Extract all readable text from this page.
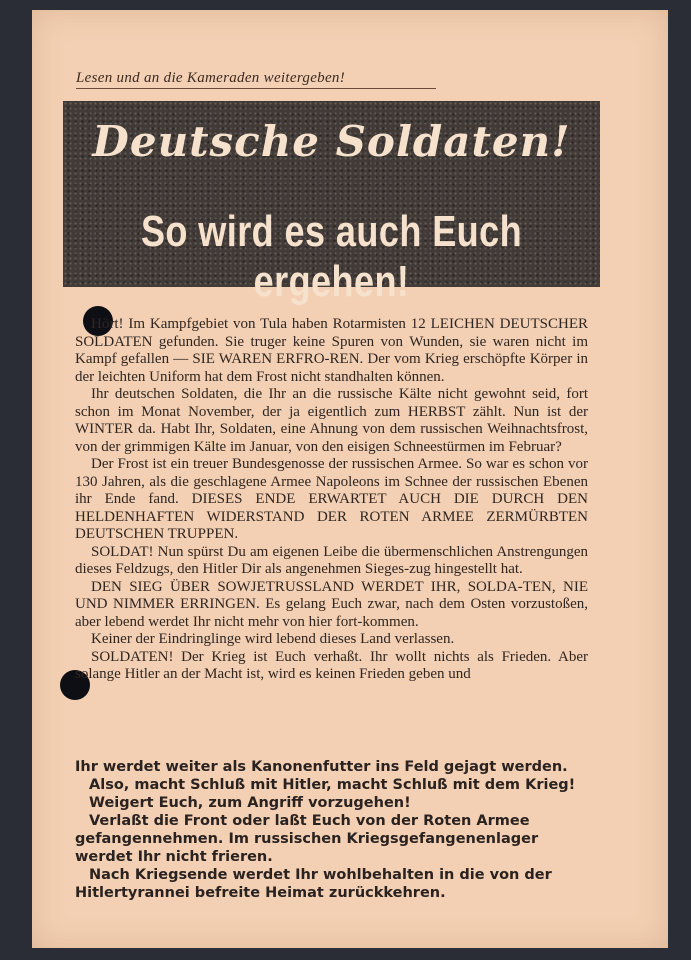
Lesen und an die Kameraden weitergeben!
Deutsche Soldaten!
So wird es auch Euch ergehen!

Hört! Im Kampfgebiet von Tula haben Rotarmisten 12 LEICHEN DEUTSCHER SOLDATEN gefunden. Sie truger keine Spuren von Wunden, sie waren nicht im Kampf gefallen — SIE WAREN ERFRO-REN. Der vom Krieg erschöpfte Körper in der leichten Uniform hat dem Frost nicht standhalten können.

Ihr deutschen Soldaten, die Ihr an die russische Kälte nicht gewohnt seid, fort schon im Monat November, der ja eigentlich zum HERBST zählt. Nun ist der WINTER da. Habt Ihr, Soldaten, eine Ahnung von dem russischen Weihnachtsfrost, von der grimmigen Kälte im Januar, von den eisigen Schneestürmen im Februar?

Der Frost ist ein treuer Bundesgenosse der russischen Armee. So war es schon vor 130 Jahren, als die geschlagene Armee Napoleons im Schnee der russischen Ebenen ihr Ende fand. DIESES ENDE ERWARTET AUCH DIE DURCH DEN HELDENHAFTEN WIDERSTAND DER ROTEN ARMEE ZERMÜRBTEN DEUTSCHEN TRUPPEN.

SOLDAT! Nun spürst Du am eigenen Leibe die übermenschlichen Anstrengungen dieses Feldzugs, den Hitler Dir als angenehmen Sieges-zug hingestellt hat.

DEN SIEG ÜBER SOWJETRUSSLAND WERDET IHR, SOLDA-TEN, NIE UND NIMMER ERRINGEN. Es gelang Euch zwar, nach dem Osten vorzustoßen, aber lebend werdet Ihr nicht mehr von hier fort-kommen.

Keiner der Eindringlinge wird lebend dieses Land verlassen.

SOLDATEN! Der Krieg ist Euch verhaßt. Ihr wollt nichts als Frieden. Aber solange Hitler an der Macht ist, wird es keinen Frieden geben und

Ihr werdet weiter als Kanonenfutter ins Feld gejagt werden.

Also, macht Schluß mit Hitler, macht Schluß mit dem Krieg!

Weigert Euch, zum Angriff vorzugehen!

Verlaßt die Front oder laßt Euch von der Roten Armee gefangennehmen. Im russischen Kriegsgefangenenlager werdet Ihr nicht frieren.

Nach Kriegsende werdet Ihr wohlbehalten in die von der Hitlertyrannei befreite Heimat zurückkehren.
